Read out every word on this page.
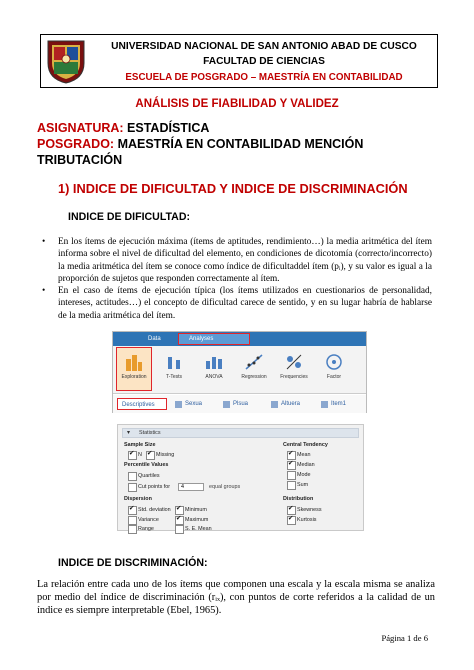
UNIVERSIDAD NACIONAL DE SAN ANTONIO ABAD DE CUSCO
FACULTAD DE CIENCIAS
ESCUELA DE POSGRADO – MAESTRÍA EN CONTABILIDAD
ANÁLISIS DE FIABILIDAD Y VALIDEZ
ASIGNATURA: ESTADÍSTICA
POSGRADO: MAESTRÍA EN CONTABILIDAD MENCIÓN
TRIBUTACIÓN
1) INDICE DE DIFICULTAD Y INDICE DE DISCRIMINACIÓN
INDICE DE DIFICULTAD:
• En los ítems de ejecución máxima (ítems de aptitudes, rendimiento…) la media aritmética del ítem informa sobre el nivel de dificultad del elemento, en condiciones de dicotomía (correcto/incorrecto) la media aritmética del ítem se conoce como índice de dificultaddel ítem (pᵢ), y su valor es igual a la proporción de sujetos que responden correctamente al ítem.

• En el caso de ítems de ejecución típica (los ítems utilizados en cuestionarios de personalidad, intereses, actitudes…) el concepto de dificultad carece de sentido, y en su lugar habría de hablarse de la media aritmética del ítem.

Data	Analyses
Exploration	T-Tests	ANOVA	Regression	Frequencies	Factor
Descriptives	Sexua	Plsua	Altuera	Item1
▾ Statistics
Sample Size
N ✔	Missing ✔
Percentile Values
Quartiles
Cut points for	4	equal groups
Dispersion
Std. deviation ✔	Minimum ✔
Variance	Maximum ✔
Range	S. E. Mean
Central Tendency
Mean ✔
Median ✔
Mode
Sum
Distribution
Skewness ✔
Kurtosis ✔
INDICE DE DISCRIMINACIÓN:

La relación entre cada uno de los ítems que componen una escala y la escala misma se analiza por medio del índice de discriminación (rᵢₓ), con puntos de corte referidos a la calidad de un índice es siempre interpretable (Ebel, 1965).

Página 1 de 6
